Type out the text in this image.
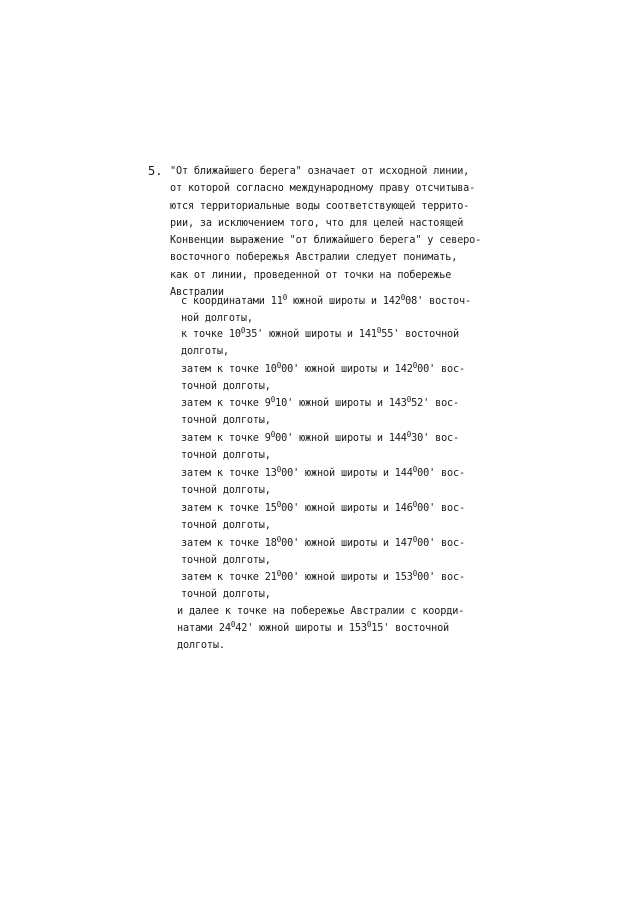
5. "От ближайшего берега" означает от исходной линии,
от которой согласно международному праву отсчитыва-
ются территориальные воды соответствующей террито-
рии, за исключением того, что для целей настоящей
Конвенции выражение "от ближайшего берега" у северо-
восточного побережья Австралии следует понимать,
как от линии, проведенной от точки на побережье
Австралии
с координатами $11^0$ южной широты и $142^008'$ восточ-
ной долготы,
к точке $10^035'$ южной широты и $141^055'$ восточной
долготы,
затем к точке $10^000'$ южной широты и $142^000'$ вос-
точной долготы,
затем к точке $9^010'$ южной широты и $143^052'$ вос-
точной долготы,
затем к точке $9^000'$ южной широты и $144^030'$ вос-
точной долготы,
затем к точке $13^000'$ южной широты и $144^000'$ вос-
точной долготы,
затем к точке $15^000'$ южной широты и $146^000'$ вос-
точной долготы,
затем к точке $18^000'$ южной широты и $147^000'$ вос-
точной долготы,
затем к точке $21^000'$ южной широты и $153^000'$ вос-
точной долготы,
и далее к точке на побережье Австралии с коорди-
натами $24^042'$ южной широты и $153^015'$ восточной
долготы.
